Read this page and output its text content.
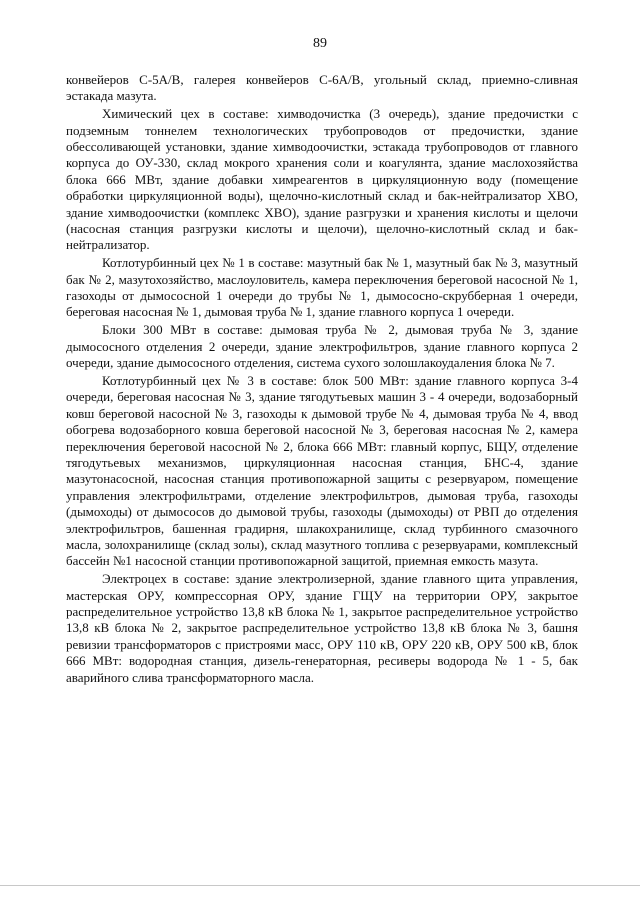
89

конвейеров С-5А/В, галерея конвейеров С-6А/В, угольный склад, приемно-сливная эстакада мазута.

Химический цех в составе: химводочистка (3 очередь), здание предочистки с подземным тоннелем технологических трубопроводов от предочистки, здание обессоливающей установки, здание химводоочистки, эстакада трубопроводов от главного корпуса до ОУ-330, склад мокрого хранения соли и коагулянта, здание маслохозяйства блока 666 МВт, здание добавки химреагентов в циркуляционную воду (помещение обработки циркуляционной воды), щелочно-кислотный склад и бак-нейтрализатор ХВО, здание химводоочистки (комплекс ХВО), здание разгрузки и хранения кислоты и щелочи (насосная станция разгрузки кислоты и щелочи), щелочно-кислотный склад и бак-нейтрализатор.

Котлотурбинный цех № 1 в составе: мазутный бак № 1, мазутный бак № 3, мазутный бак № 2, мазутохозяйство, маслоуловитель, камера переключения береговой насосной № 1, газоходы от дымососной 1 очереди до трубы № 1, дымососно-скрубберная 1 очереди, береговая насосная № 1, дымовая труба № 1, здание главного корпуса 1 очереди.

Блоки 300 МВт в составе: дымовая труба № 2, дымовая труба № 3, здание дымососного отделения 2 очереди, здание электрофильтров, здание главного корпуса 2 очереди, здание дымососного отделения, система сухого золошлакоудаления блока № 7.

Котлотурбинный цех № 3 в составе: блок 500 МВт: здание главного корпуса 3-4 очереди, береговая насосная № 3, здание тягодутьевых машин 3 - 4 очереди, водозаборный ковш береговой насосной № 3, газоходы к дымовой трубе № 4, дымовая труба № 4, ввод обогрева водозаборного ковша береговой насосной № 3, береговая насосная № 2, камера переключения береговой насосной № 2, блока 666 МВт: главный корпус, БЩУ, отделение тягодутьевых механизмов, циркуляционная насосная станция, БНС-4, здание мазутонасосной, насосная станция противопожарной защиты с резервуаром, помещение управления электрофильтрами, отделение электрофильтров, дымовая труба, газоходы (дымоходы) от дымососов до дымовой трубы, газоходы (дымоходы) от РВП до отделения электрофильтров, башенная градирня, шлакохранилище, склад турбинного смазочного масла, золохранилище (склад золы), склад мазутного топлива с резервуарами, комплексный бассейн №1 насосной станции противопожарной защитой, приемная емкость мазута.

Электроцех в составе: здание электролизерной, здание главного щита управления, мастерская ОРУ, компрессорная ОРУ, здание ГЩУ на территории ОРУ, закрытое распределительное устройство 13,8 кВ блока № 1, закрытое распределительное устройство 13,8 кВ блока № 2, закрытое распределительное устройство 13,8 кВ блока № 3, башня ревизии трансформаторов с пристроями масс, ОРУ 110 кВ, ОРУ 220 кВ, ОРУ 500 кВ, блок 666 МВт: водородная станция, дизель-генераторная, ресиверы водорода № 1 - 5, бак аварийного слива трансформаторного масла.
